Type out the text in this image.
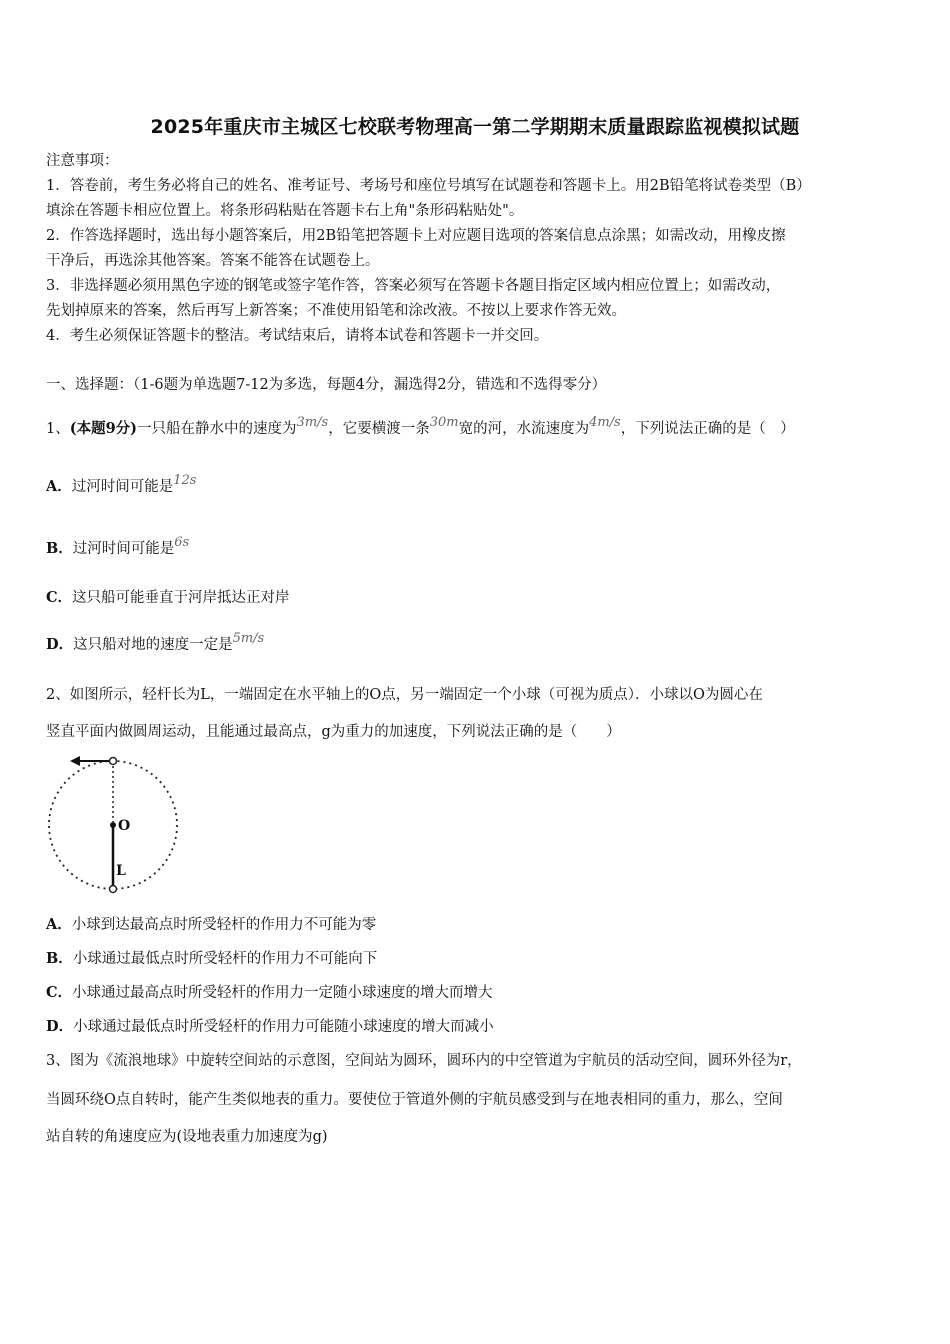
2025年重庆市主城区七校联考物理高一第二学期期末质量跟踪监视模拟试题
注意事项：
1．答卷前，考生务必将自己的姓名、准考证号、考场号和座位号填写在试题卷和答题卡上。用2B铅笔将试卷类型（B）
填涂在答题卡相应位置上。将条形码粘贴在答题卡右上角"条形码粘贴处"。
2．作答选择题时，选出每小题答案后，用2B铅笔把答题卡上对应题目选项的答案信息点涂黑；如需改动，用橡皮擦
干净后，再选涂其他答案。答案不能答在试题卷上。
3．非选择题必须用黑色字迹的钢笔或签字笔作答，答案必须写在答题卡各题目指定区域内相应位置上；如需改动，
先划掉原来的答案，然后再写上新答案；不准使用铅笔和涂改液。不按以上要求作答无效。
4．考生必须保证答题卡的整洁。考试结束后，请将本试卷和答题卡一并交回。
一、选择题：（1-6题为单选题7-12为多选，每题4分，漏选得2分，错选和不选得零分）
1、(本题9分)一只船在静水中的速度为3m/s，它要横渡一条30m宽的河，水流速度为4m/s，下列说法正确的是（　）
A．过河时间可能是12s
B．过河时间可能是6s
C．这只船可能垂直于河岸抵达正对岸
D．这只船对地的速度一定是5m/s
2、如图所示，轻杆长为L，一端固定在水平轴上的O点，另一端固定一个小球（可视为质点）．小球以O为圆心在
竖直平面内做圆周运动，且能通过最高点，g为重力的加速度，下列说法正确的是（　　）
O
L
A．小球到达最高点时所受轻杆的作用力不可能为零
B．小球通过最低点时所受轻杆的作用力不可能向下
C．小球通过最高点时所受轻杆的作用力一定随小球速度的增大而增大
D．小球通过最低点时所受轻杆的作用力可能随小球速度的增大而减小
3、图为《流浪地球》中旋转空间站的示意图，空间站为圆环，圆环内的中空管道为宇航员的活动空间，圆环外径为r，
当圆环绕O点自转时，能产生类似地表的重力。要使位于管道外侧的宇航员感受到与在地表相同的重力，那么，空间
站自转的角速度应为(设地表重力加速度为g)
